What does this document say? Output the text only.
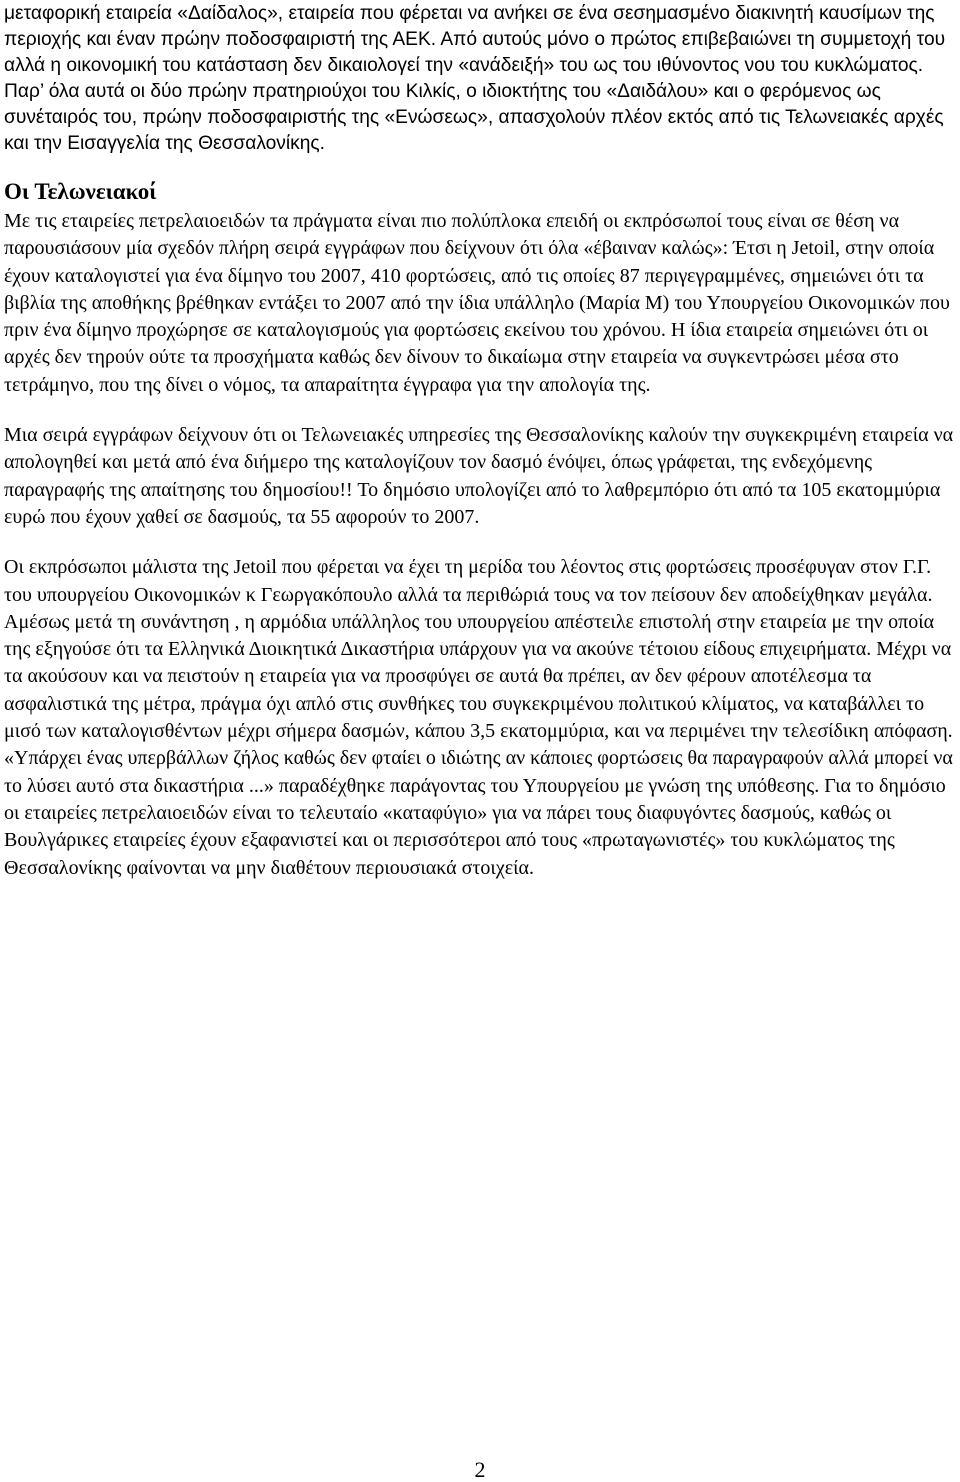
μεταφορική εταιρεία «Δαίδαλος», εταιρεία που φέρεται να ανήκει σε ένα σεσημασμένο διακινητή καυσίμων της περιοχής και έναν πρώην ποδοσφαιριστή της ΑΕΚ. Από αυτούς μόνο ο πρώτος επιβεβαιώνει τη συμμετοχή του αλλά η οικονομική του κατάσταση δεν δικαιολογεί την «ανάδειξή» του ως του ιθύνοντος νου του κυκλώματος. Παρ’ όλα αυτά οι δύο πρώην πρατηριούχοι του Κιλκίς, ο ιδιοκτήτης του «Δαιδάλου» και ο φερόμενος ως συνέταιρός του, πρώην ποδοσφαιριστής της «Ενώσεως», απασχολούν πλέον εκτός από τις Τελωνειακές αρχές και την Εισαγγελία της Θεσσαλονίκης.

Οι Τελωνειακοί

Με τις εταιρείες πετρελαιοειδών τα πράγματα είναι πιο πολύπλοκα επειδή οι εκπρόσωποί τους είναι σε θέση να παρουσιάσουν μία σχεδόν πλήρη σειρά εγγράφων που δείχνουν ότι όλα «έβαιναν καλώς»: Έτσι η Jetoil, στην οποία έχουν καταλογιστεί για ένα δίμηνο του 2007, 410 φορτώσεις, από τις οποίες 87 περιγεγραμμένες, σημειώνει ότι τα βιβλία της αποθήκης βρέθηκαν εντάξει το 2007 από την ίδια υπάλληλο (Μαρία Μ) του Υπουργείου Οικονομικών που πριν ένα δίμηνο προχώρησε σε καταλογισμούς για φορτώσεις εκείνου του χρόνου. Η ίδια εταιρεία σημειώνει ότι οι αρχές δεν τηρούν ούτε τα προσχήματα καθώς δεν δίνουν το δικαίωμα στην εταιρεία να συγκεντρώσει μέσα στο τετράμηνο, που της δίνει ο νόμος, τα απαραίτητα έγγραφα για την απολογία της.

Μια σειρά εγγράφων δείχνουν ότι οι Τελωνειακές υπηρεσίες της Θεσσαλονίκης καλούν την συγκεκριμένη εταιρεία να απολογηθεί και μετά από ένα διήμερο της καταλογίζουν τον δασμό ένόψει, όπως γράφεται, της ενδεχόμενης παραγραφής της απαίτησης του δημοσίου!! Το δημόσιο υπολογίζει από το λαθρεμπόριο ότι από τα 105 εκατομμύρια ευρώ που έχουν χαθεί σε δασμούς, τα 55 αφορούν το 2007.

Οι εκπρόσωποι μάλιστα της Jetoil που φέρεται να έχει τη μερίδα του λέοντος στις φορτώσεις προσέφυγαν στον Γ.Γ. του υπουργείου Οικονομικών κ Γεωργακόπουλο αλλά τα περιθώριά τους να τον πείσουν δεν αποδείχθηκαν μεγάλα. Αμέσως μετά τη συνάντηση , η αρμόδια υπάλληλος του υπουργείου απέστειλε επιστολή στην εταιρεία με την οποία της εξηγούσε ότι τα Ελληνικά Διοικητικά Δικαστήρια υπάρχουν για να ακούνε τέτοιου είδους επιχειρήματα. Μέχρι να τα ακούσουν και να πειστούν η εταιρεία για να προσφύγει σε αυτά θα πρέπει, αν δεν φέρουν αποτέλεσμα τα ασφαλιστικά της μέτρα, πράγμα όχι απλό στις συνθήκες του συγκεκριμένου πολιτικού κλίματος, να καταβάλλει το μισό των καταλογισθέντων μέχρι σήμερα δασμών, κάπου 3,5 εκατομμύρια, και να περιμένει την τελεσίδικη απόφαση. «Υπάρχει ένας υπερβάλλων ζήλος καθώς δεν φταίει ο ιδιώτης αν κάποιες φορτώσεις θα παραγραφούν αλλά μπορεί να το λύσει αυτό στα δικαστήρια ...» παραδέχθηκε παράγοντας του Υπουργείου με γνώση της υπόθεσης. Για το δημόσιο οι εταιρείες πετρελαιοειδών είναι το τελευταίο «καταφύγιο» για να πάρει τους διαφυγόντες δασμούς, καθώς οι Βουλγάρικες εταιρείες έχουν εξαφανιστεί και οι περισσότεροι από τους «πρωταγωνιστές» του κυκλώματος της Θεσσαλονίκης φαίνονται να μην διαθέτουν περιουσιακά στοιχεία.

2
